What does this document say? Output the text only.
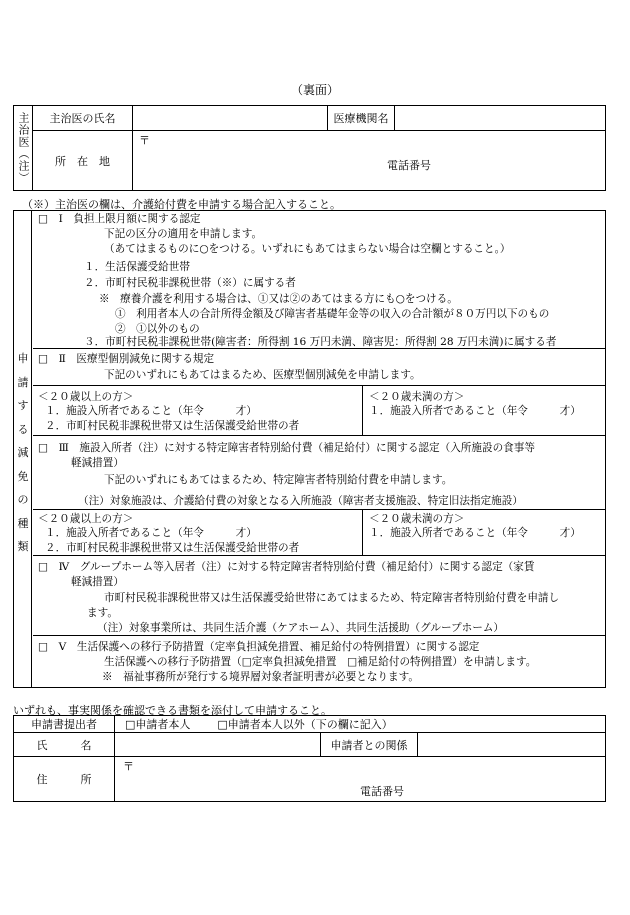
（裏面）
主治医（注）	主治医の氏名		医療機関名	
	所　在　地	〒
電話番号		
（※）主治医の欄は、介護給付費を申請する場合記入すること。
申
請
す
る
減
免
の
種
類
□　Ⅰ　負担上限月額に関する認定
下記の区分の適用を申請します。
（あてはまるものに○をつける。いずれにもあてはまらない場合は空欄とすること。）
１．生活保護受給世帯
２．市町村民税非課税世帯（※）に属する者
※　療養介護を利用する場合は、①又は②のあてはまる方にも○をつける。
①　利用者本人の合計所得金額及び障害者基礎年金等の収入の合計額が８０万円以下のもの
②　①以外のもの
３．市町村民税非課税世帯(障害者：所得割 16 万円未満、障害児：所得割 28 万円未満)に属する者
□　Ⅱ　医療型個別減免に関する規定
下記のいずれにもあてはまるため、医療型個別減免を申請します。
＜２０歳以上の方＞
１．施設入所者であること（年令　　　才）
２．市町村民税非課税世帯又は生活保護受給世帯の者
＜２０歳未満の方＞
１．施設入所者であること（年令　　　才）
□　Ⅲ　施設入所者（注）に対する特定障害者特別給付費（補足給付）に関する認定（入所施設の食事等
軽減措置）
下記のいずれにもあてはまるため、特定障害者特別給付費を申請します。
（注）対象施設は、介護給付費の対象となる入所施設（障害者支援施設、特定旧法指定施設）
＜２０歳以上の方＞
１．施設入所者であること（年令　　　才）
２．市町村民税非課税世帯又は生活保護受給世帯の者
＜２０歳未満の方＞
１．施設入所者であること（年令　　　才）
□　Ⅳ　グループホーム等入居者（注）に対する特定障害者特別給付費（補足給付）に関する認定（家賃
軽減措置）
市町村民税非課税世帯又は生活保護受給世帯にあてはまるため、特定障害者特別給付費を申請し
ます。
（注）対象事業所は、共同生活介護（ケアホーム）、共同生活援助（グループホーム）
□　Ⅴ　生活保護への移行予防措置（定率負担減免措置、補足給付の特例措置）に関する認定
生活保護への移行予防措置（□定率負担減免措置　□補足給付の特例措置）を申請します。
※　福祉事務所が発行する境界層対象者証明書が必要となります。
いずれも、事実関係を確認できる書類を添付して申請すること。
申請書提出者	□申請者本人 □申請者本人以外（下の欄に記入）		
氏　　　名		申請者との関係	
住　　　所	〒
電話番号		
